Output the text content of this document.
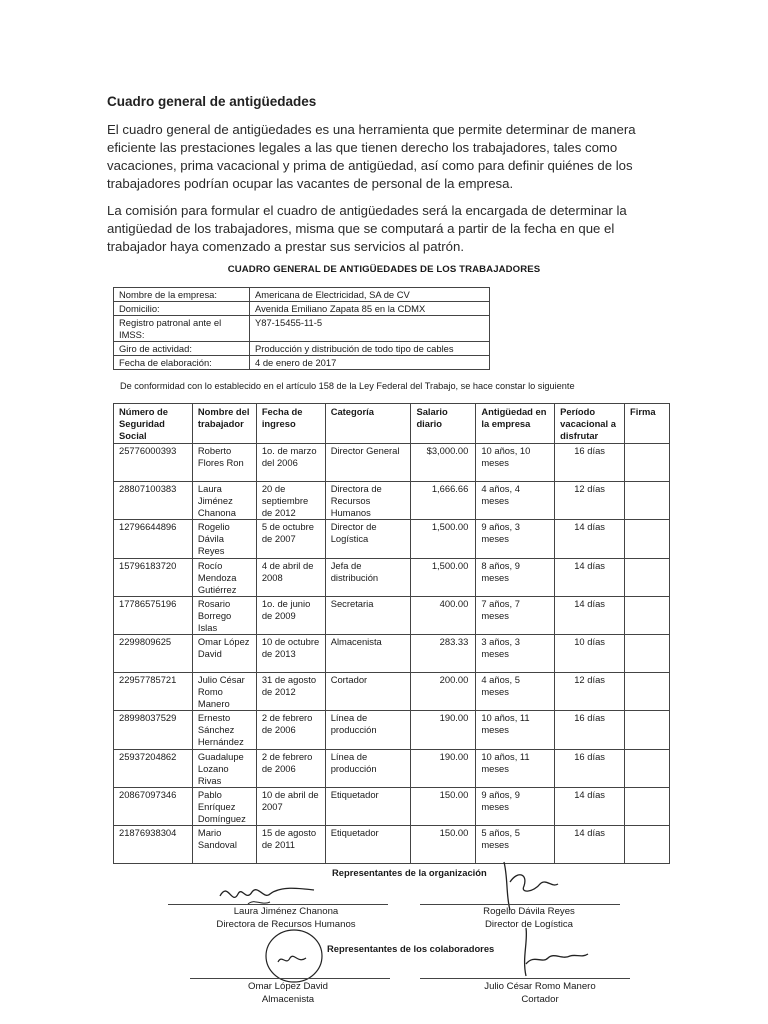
Cuadro general de antigüedades

El cuadro general de antigüedades es una herramienta que permite determinar de manera eficiente las prestaciones legales a las que tienen derecho los trabajadores, tales como vacaciones, prima vacacional y prima de antigüedad, así como para definir quiénes de los trabajadores podrían ocupar las vacantes de personal de la empresa.

La comisión para formular el cuadro de antigüedades será la encargada de determinar la antigüedad de los trabajadores, misma que se computará a partir de la fecha en que el trabajador haya comenzado a prestar sus servicios al patrón.

CUADRO GENERAL DE ANTIGÜEDADES DE LOS TRABAJADORES
Nombre de la empresa:	Americana de Electricidad, SA de CV
Domicilio:	Avenida Emiliano Zapata 85 en la CDMX
Registro patronal ante el IMSS:	Y87-15455-11-5
Giro de actividad:	Producción y distribución de todo tipo de cables
Fecha de elaboración:	4 de enero de 2017
De conformidad con lo establecido en el artículo 158 de la Ley Federal del Trabajo, se hace constar lo siguiente
Número de Seguridad Social	Nombre del trabajador	Fecha de ingreso	Categoría	Salario diario	Antigüedad en la empresa	Período vacacional a disfrutar	Firma
25776000393	Roberto Flores Ron	1o. de marzo del 2006	Director General	$3,000.00	10 años, 10 meses	16 días	
28807100383	Laura Jiménez Chanona	20 de septiembre de 2012	Directora de Recursos Humanos	1,666.66	4 años, 4 meses	12 días	
12796644896	Rogelio Dávila Reyes	5 de octubre de 2007	Director de Logística	1,500.00	9 años, 3 meses	14 días	
15796183720	Rocío Mendoza Gutiérrez	4 de abril de 2008	Jefa de distribución	1,500.00	8 años, 9 meses	14 días	
17786575196	Rosario Borrego Islas	1o. de junio de 2009	Secretaria	400.00	7 años, 7 meses	14 días	
2299809625	Omar López David	10 de octubre de 2013	Almacenista	283.33	3 años, 3 meses	10 días	
22957785721	Julio César Romo Manero	31 de agosto de 2012	Cortador	200.00	4 años, 5 meses	12 días	
28998037529	Ernesto Sánchez Hernández	2 de febrero de 2006	Línea de producción	190.00	10 años, 11 meses	16 días	
25937204862	Guadalupe Lozano Rivas	2 de febrero de 2006	Línea de producción	190.00	10 años, 11 meses	16 días	
20867097346	Pablo Enríquez Domínguez	10 de abril de 2007	Etiquetador	150.00	9 años, 9 meses	14 días	
21876938304	Mario Sandoval	15 de agosto de 2011	Etiquetador	150.00	5 años, 5 meses	14 días	
Representantes de la organización
Laura Jiménez Chanona
Directora de Recursos Humanos
Rogelio Dávila Reyes
Director de Logística
Representantes de los colaboradores
Omar López David
Almacenista
Julio César Romo Manero
Cortador
